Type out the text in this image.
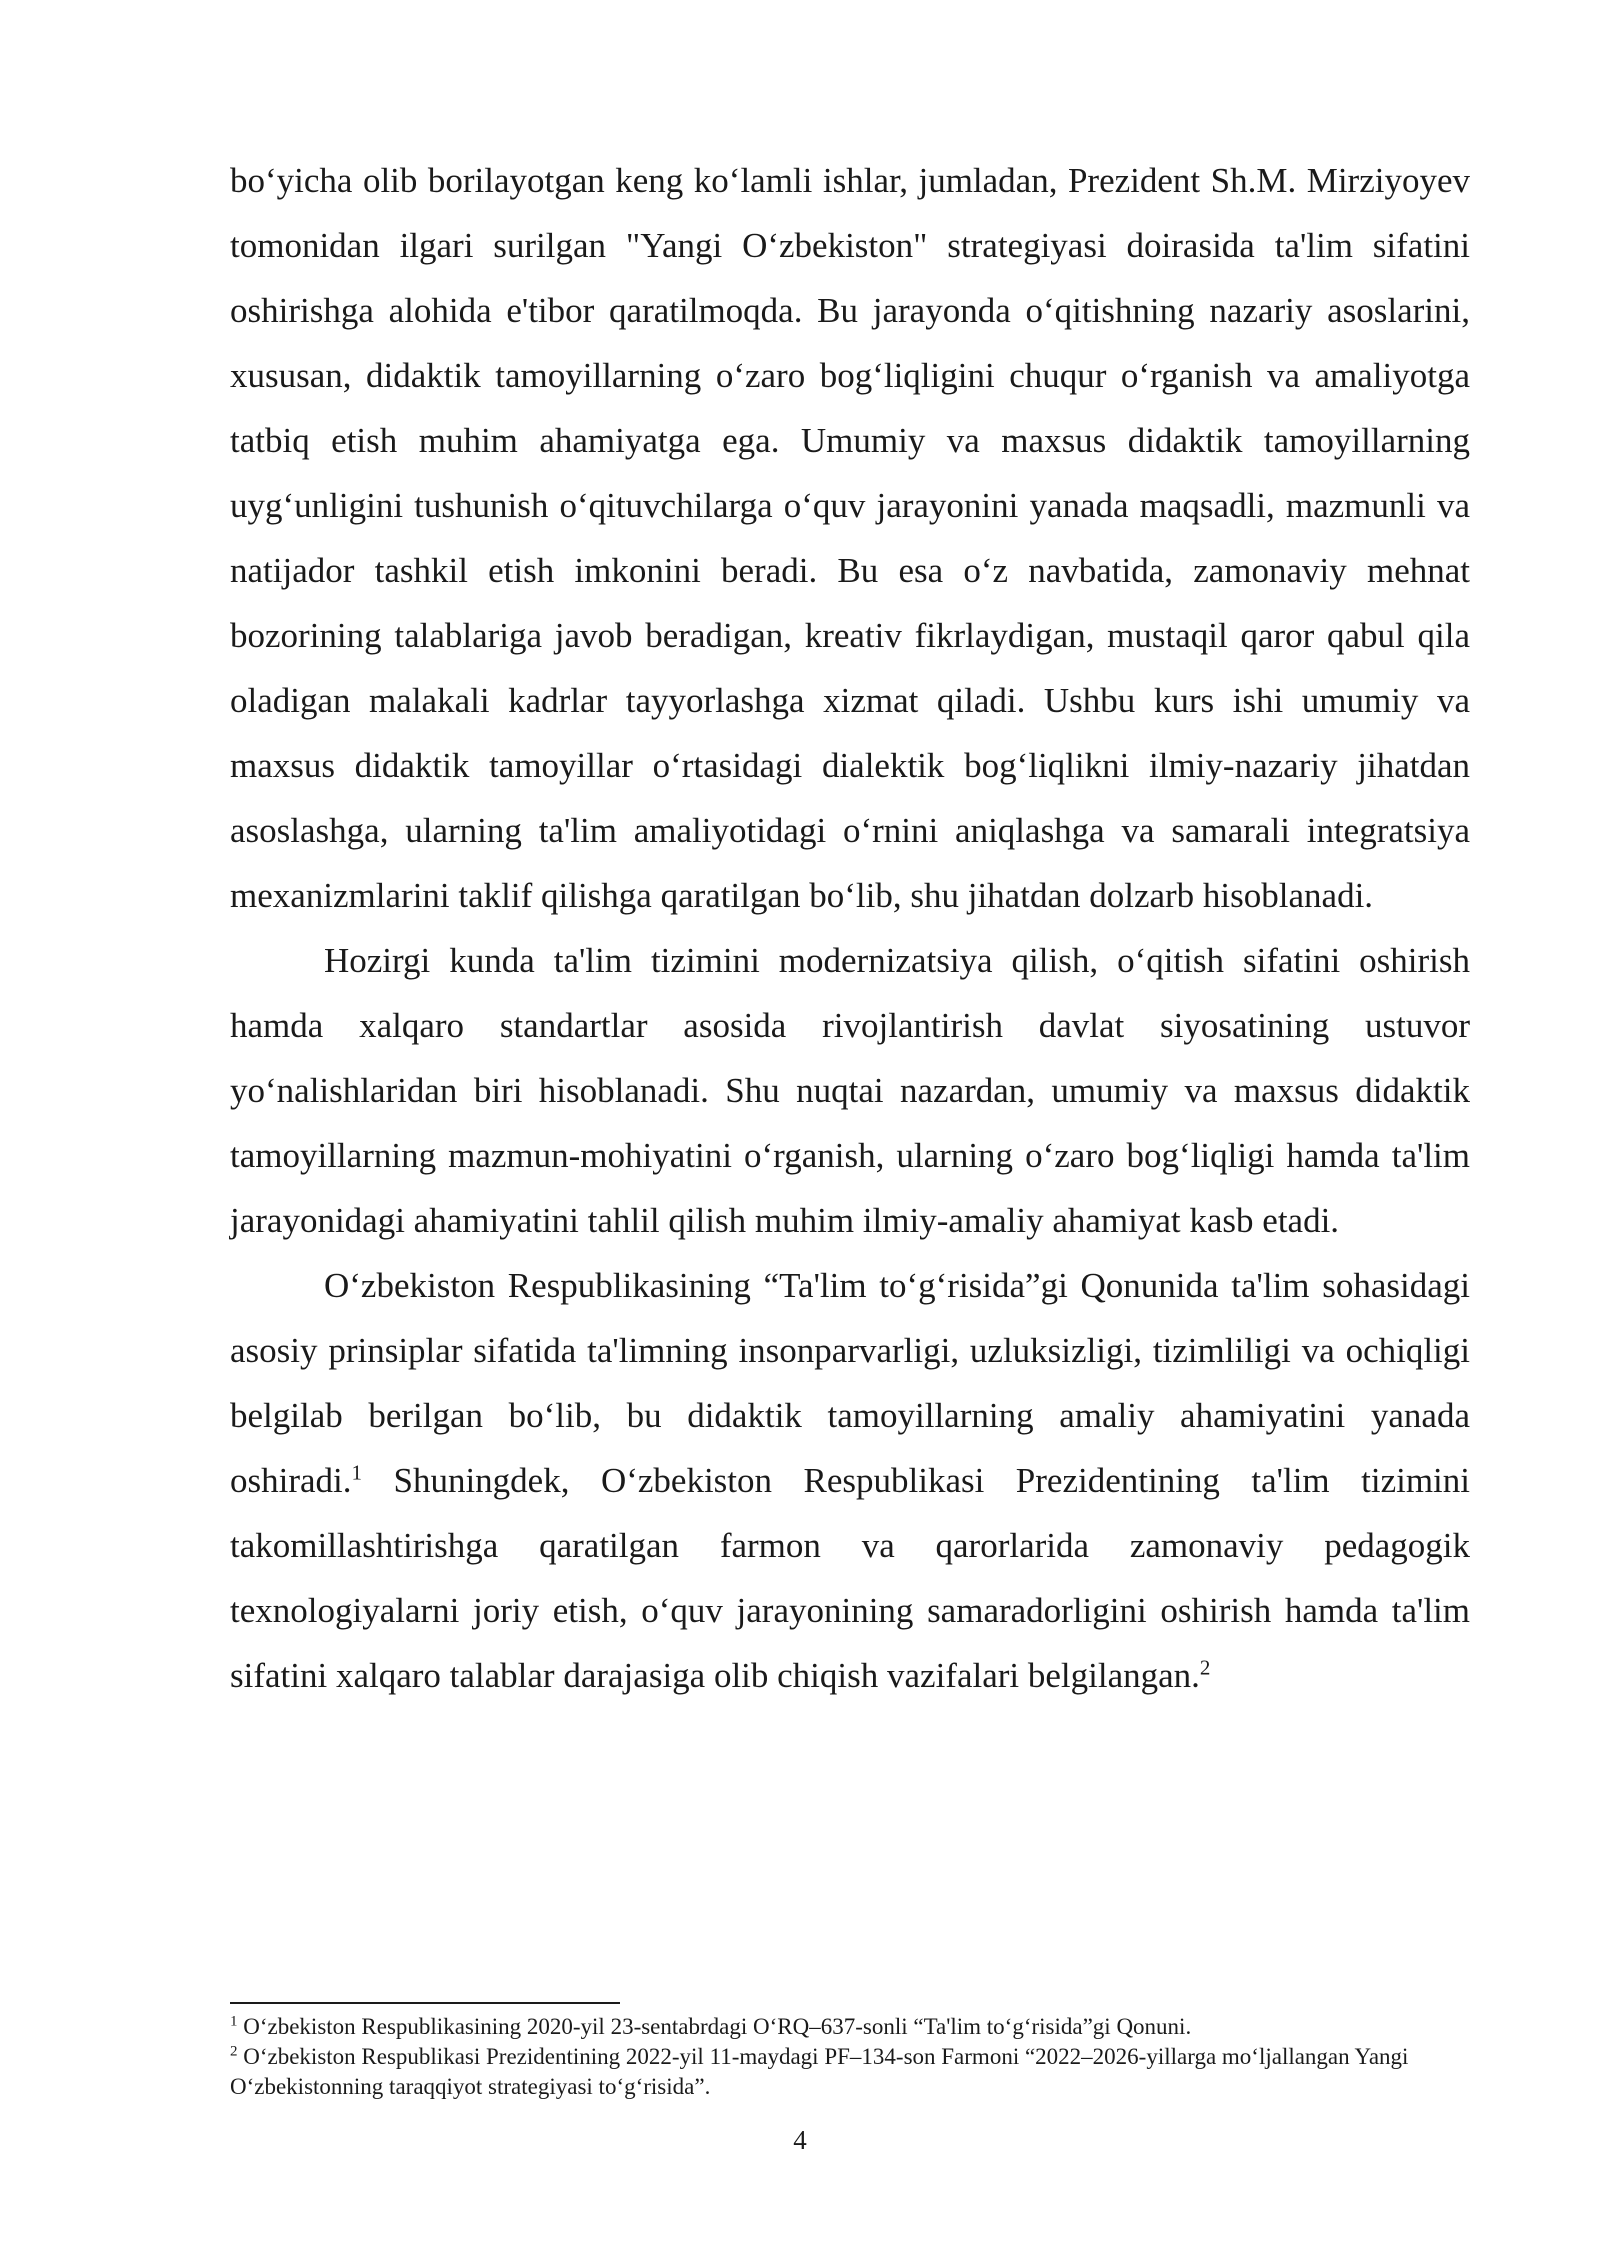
bo‘yicha olib borilayotgan keng ko‘lamli ishlar, jumladan, Prezident Sh.M. Mirziyoyev tomonidan ilgari surilgan "Yangi O‘zbekiston" strategiyasi doirasida ta'lim sifatini oshirishga alohida e'tibor qaratilmoqda. Bu jarayonda o‘qitishning nazariy asoslarini, xususan, didaktik tamoyillarning o‘zaro bog‘liqligini chuqur o‘rganish va amaliyotga tatbiq etish muhim ahamiyatga ega. Umumiy va maxsus didaktik tamoyillarning uyg‘unligini tushunish o‘qituvchilarga o‘quv jarayonini yanada maqsadli, mazmunli va natijador tashkil etish imkonini beradi. Bu esa o‘z navbatida, zamonaviy mehnat bozorining talablariga javob beradigan, kreativ fikrlaydigan, mustaqil qaror qabul qila oladigan malakali kadrlar tayyorlashga xizmat qiladi. Ushbu kurs ishi umumiy va maxsus didaktik tamoyillar o‘rtasidagi dialektik bog‘liqlikni ilmiy-nazariy jihatdan asoslashga, ularning ta'lim amaliyotidagi o‘rnini aniqlashga va samarali integratsiya mexanizmlarini taklif qilishga qaratilgan bo‘lib, shu jihatdan dolzarb hisoblanadi.

Hozirgi kunda ta'lim tizimini modernizatsiya qilish, o‘qitish sifatini oshirish hamda xalqaro standartlar asosida rivojlantirish davlat siyosatining ustuvor yo‘nalishlaridan biri hisoblanadi. Shu nuqtai nazardan, umumiy va maxsus didaktik tamoyillarning mazmun-mohiyatini o‘rganish, ularning o‘zaro bog‘liqligi hamda ta'lim jarayonidagi ahamiyatini tahlil qilish muhim ilmiy-amaliy ahamiyat kasb etadi.

O‘zbekiston Respublikasining “Ta'lim to‘g‘risida”gi Qonunida ta'lim sohasidagi asosiy prinsiplar sifatida ta'limning insonparvarligi, uzluksizligi, tizimliligi va ochiqligi belgilab berilgan bo‘lib, bu didaktik tamoyillarning amaliy ahamiyatini yanada oshiradi.$^1$ Shuningdek, O‘zbekiston Respublikasi Prezidentining ta'lim tizimini takomillashtirishga qaratilgan farmon va qarorlarida zamonaviy pedagogik texnologiyalarni joriy etish, o‘quv jarayonining samaradorligini oshirish hamda ta'lim sifatini xalqaro talablar darajasiga olib chiqish vazifalari belgilangan.$^2$

$^1$ O‘zbekiston Respublikasining 2020-yil 23-sentabrdagi O‘RQ–637-sonli “Ta'lim to‘g‘risida”gi Qonuni.

$^2$ O‘zbekiston Respublikasi Prezidentining 2022-yil 11-maydagi PF–134-son Farmoni “2022–2026-yillarga mo‘ljallangan Yangi O‘zbekistonning taraqqiyot strategiyasi to‘g‘risida”.

4
